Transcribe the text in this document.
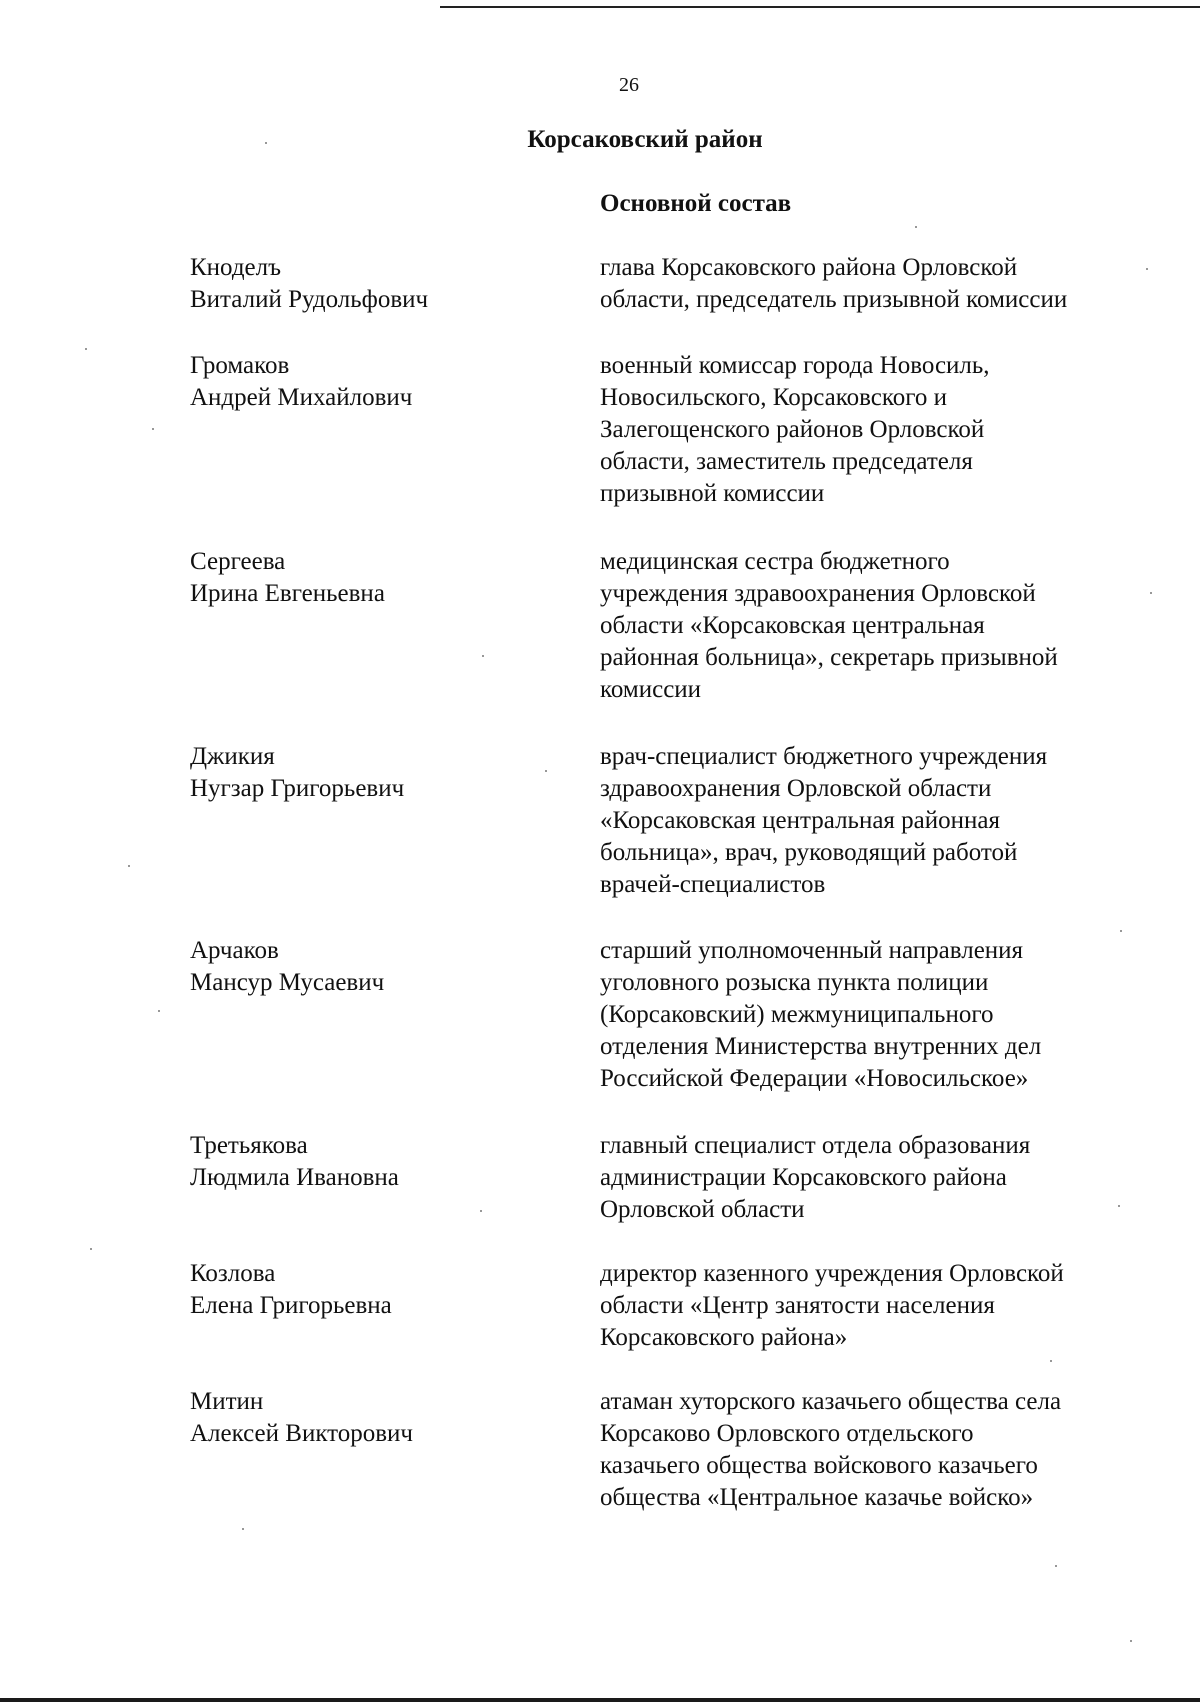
26
Корсаковский район
Основной состав
Кноделъ
Виталий Рудольфович
глава Корсаковского района Орловской
области, председатель призывной комиссии
Громаков
Андрей Михайлович
военный комиссар города Новосиль,
Новосильского, Корсаковского и
Залегощенского районов Орловской
области, заместитель председателя
призывной комиссии
Сергеева
Ирина Евгеньевна
медицинская сестра бюджетного
учреждения здравоохранения Орловской
области «Корсаковская центральная
районная больница», секретарь призывной
комиссии
Джикия
Нугзар Григорьевич
врач-специалист бюджетного учреждения
здравоохранения Орловской области
«Корсаковская центральная районная
больница», врач, руководящий работой
врачей-специалистов
Арчаков
Мансур Мусаевич
старший уполномоченный направления
уголовного розыска пункта полиции
(Корсаковский) межмуниципального
отделения Министерства внутренних дел
Российской Федерации «Новосильское»
Третьякова
Людмила Ивановна
главный специалист отдела образования
администрации Корсаковского района
Орловской области
Козлова
Елена Григорьевна
директор казенного учреждения Орловской
области «Центр занятости населения
Корсаковского района»
Митин
Алексей Викторович
атаман хуторского казачьего общества села
Корсаково Орловского отдельского
казачьего общества войскового казачьего
общества «Центральное казачье войско»
